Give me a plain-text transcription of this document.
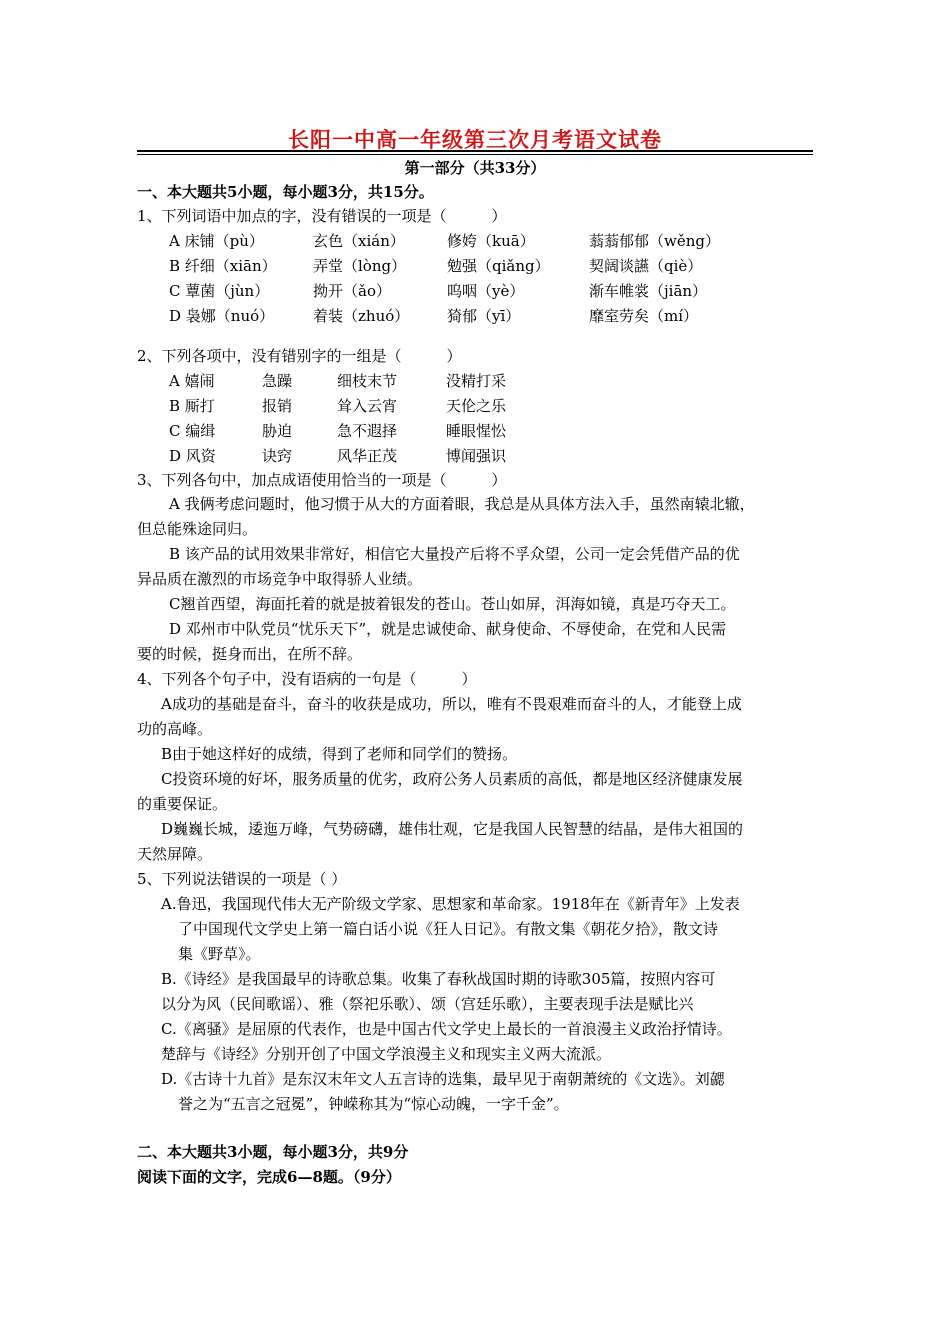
长阳一中高一年级第三次月考语文试卷
第一部分（共33分）
一、本大题共5小题，每小题3分，共15分。
1、下列词语中加点的字，没有错误的一项是（　　　）
A 床铺（pù）	玄色（xián）	修姱（kuā）	蓊蓊郁郁（wěng）
B 纤细（xiān） 弄堂（lòng）	勉强（qiǎng）	契阔谈讌（qiè）
C 蕈菌（jùn）	拗开（ǎo）	呜咽（yè）	渐车帷裳（jiān）
D 袅娜（nuó）	着装（zhuó）	猗郁（yī）	靡室劳矣（mí）
2、下列各项中，没有错别字的一组是（　　　）
A 嬉闹	急躁	细枝末节	没精打采
B 厮打	报销	耸入云宵	天伦之乐
C 编缉	胁迫	急不遐择	睡眼惺忪
D 风资	诀窍	风华正茂	博闻强识
3、下列各句中，加点成语使用恰当的一项是（　　　）
A 我俩考虑问题时，他习惯于从大的方面着眼，我总是从具体方法入手，虽然南辕北辙，
但总能殊途同归。
B 该产品的试用效果非常好，相信它大量投产后将不孚众望，公司一定会凭借产品的优
异品质在激烈的市场竞争中取得骄人业绩。
C翘首西望，海面托着的就是披着银发的苍山。苍山如屏，洱海如镜，真是巧夺天工。
D 邓州市中队党员“忧乐天下”，就是忠诚使命、献身使命、不辱使命，在党和人民需
要的时候，挺身而出，在所不辞。
4、下列各个句子中，没有语病的一句是（　　　）
A成功的基础是奋斗，奋斗的收获是成功，所以，唯有不畏艰难而奋斗的人，才能登上成
功的高峰。
B由于她这样好的成绩，得到了老师和同学们的赞扬。
C投资环境的好坏，服务质量的优劣，政府公务人员素质的高低，都是地区经济健康发展
的重要保证。
D巍巍长城，逶迤万峰，气势磅礴，雄伟壮观，它是我国人民智慧的结晶，是伟大祖国的
天然屏障。
5、下列说法错误的一项是（ ）
A.鲁迅，我国现代伟大无产阶级文学家、思想家和革命家。1918年在《新青年》上发表
了中国现代文学史上第一篇白话小说《狂人日记》。有散文集《朝花夕拾》，散文诗
集《野草》。
B.《诗经》是我国最早的诗歌总集。收集了春秋战国时期的诗歌305篇，按照内容可
以分为风（民间歌谣）、雅（祭祀乐歌）、颂（宫廷乐歌），主要表现手法是赋比兴
C.《离骚》是屈原的代表作，也是中国古代文学史上最长的一首浪漫主义政治抒情诗。
楚辞与《诗经》分别开创了中国文学浪漫主义和现实主义两大流派。
D.《古诗十九首》是东汉末年文人五言诗的选集，最早见于南朝萧统的《文选》。刘勰
誉之为“五言之冠冕”，钟嵘称其为“惊心动魄，一字千金”。
二、本大题共3小题，每小题3分，共9分
阅读下面的文字，完成6—8题。（9分）
